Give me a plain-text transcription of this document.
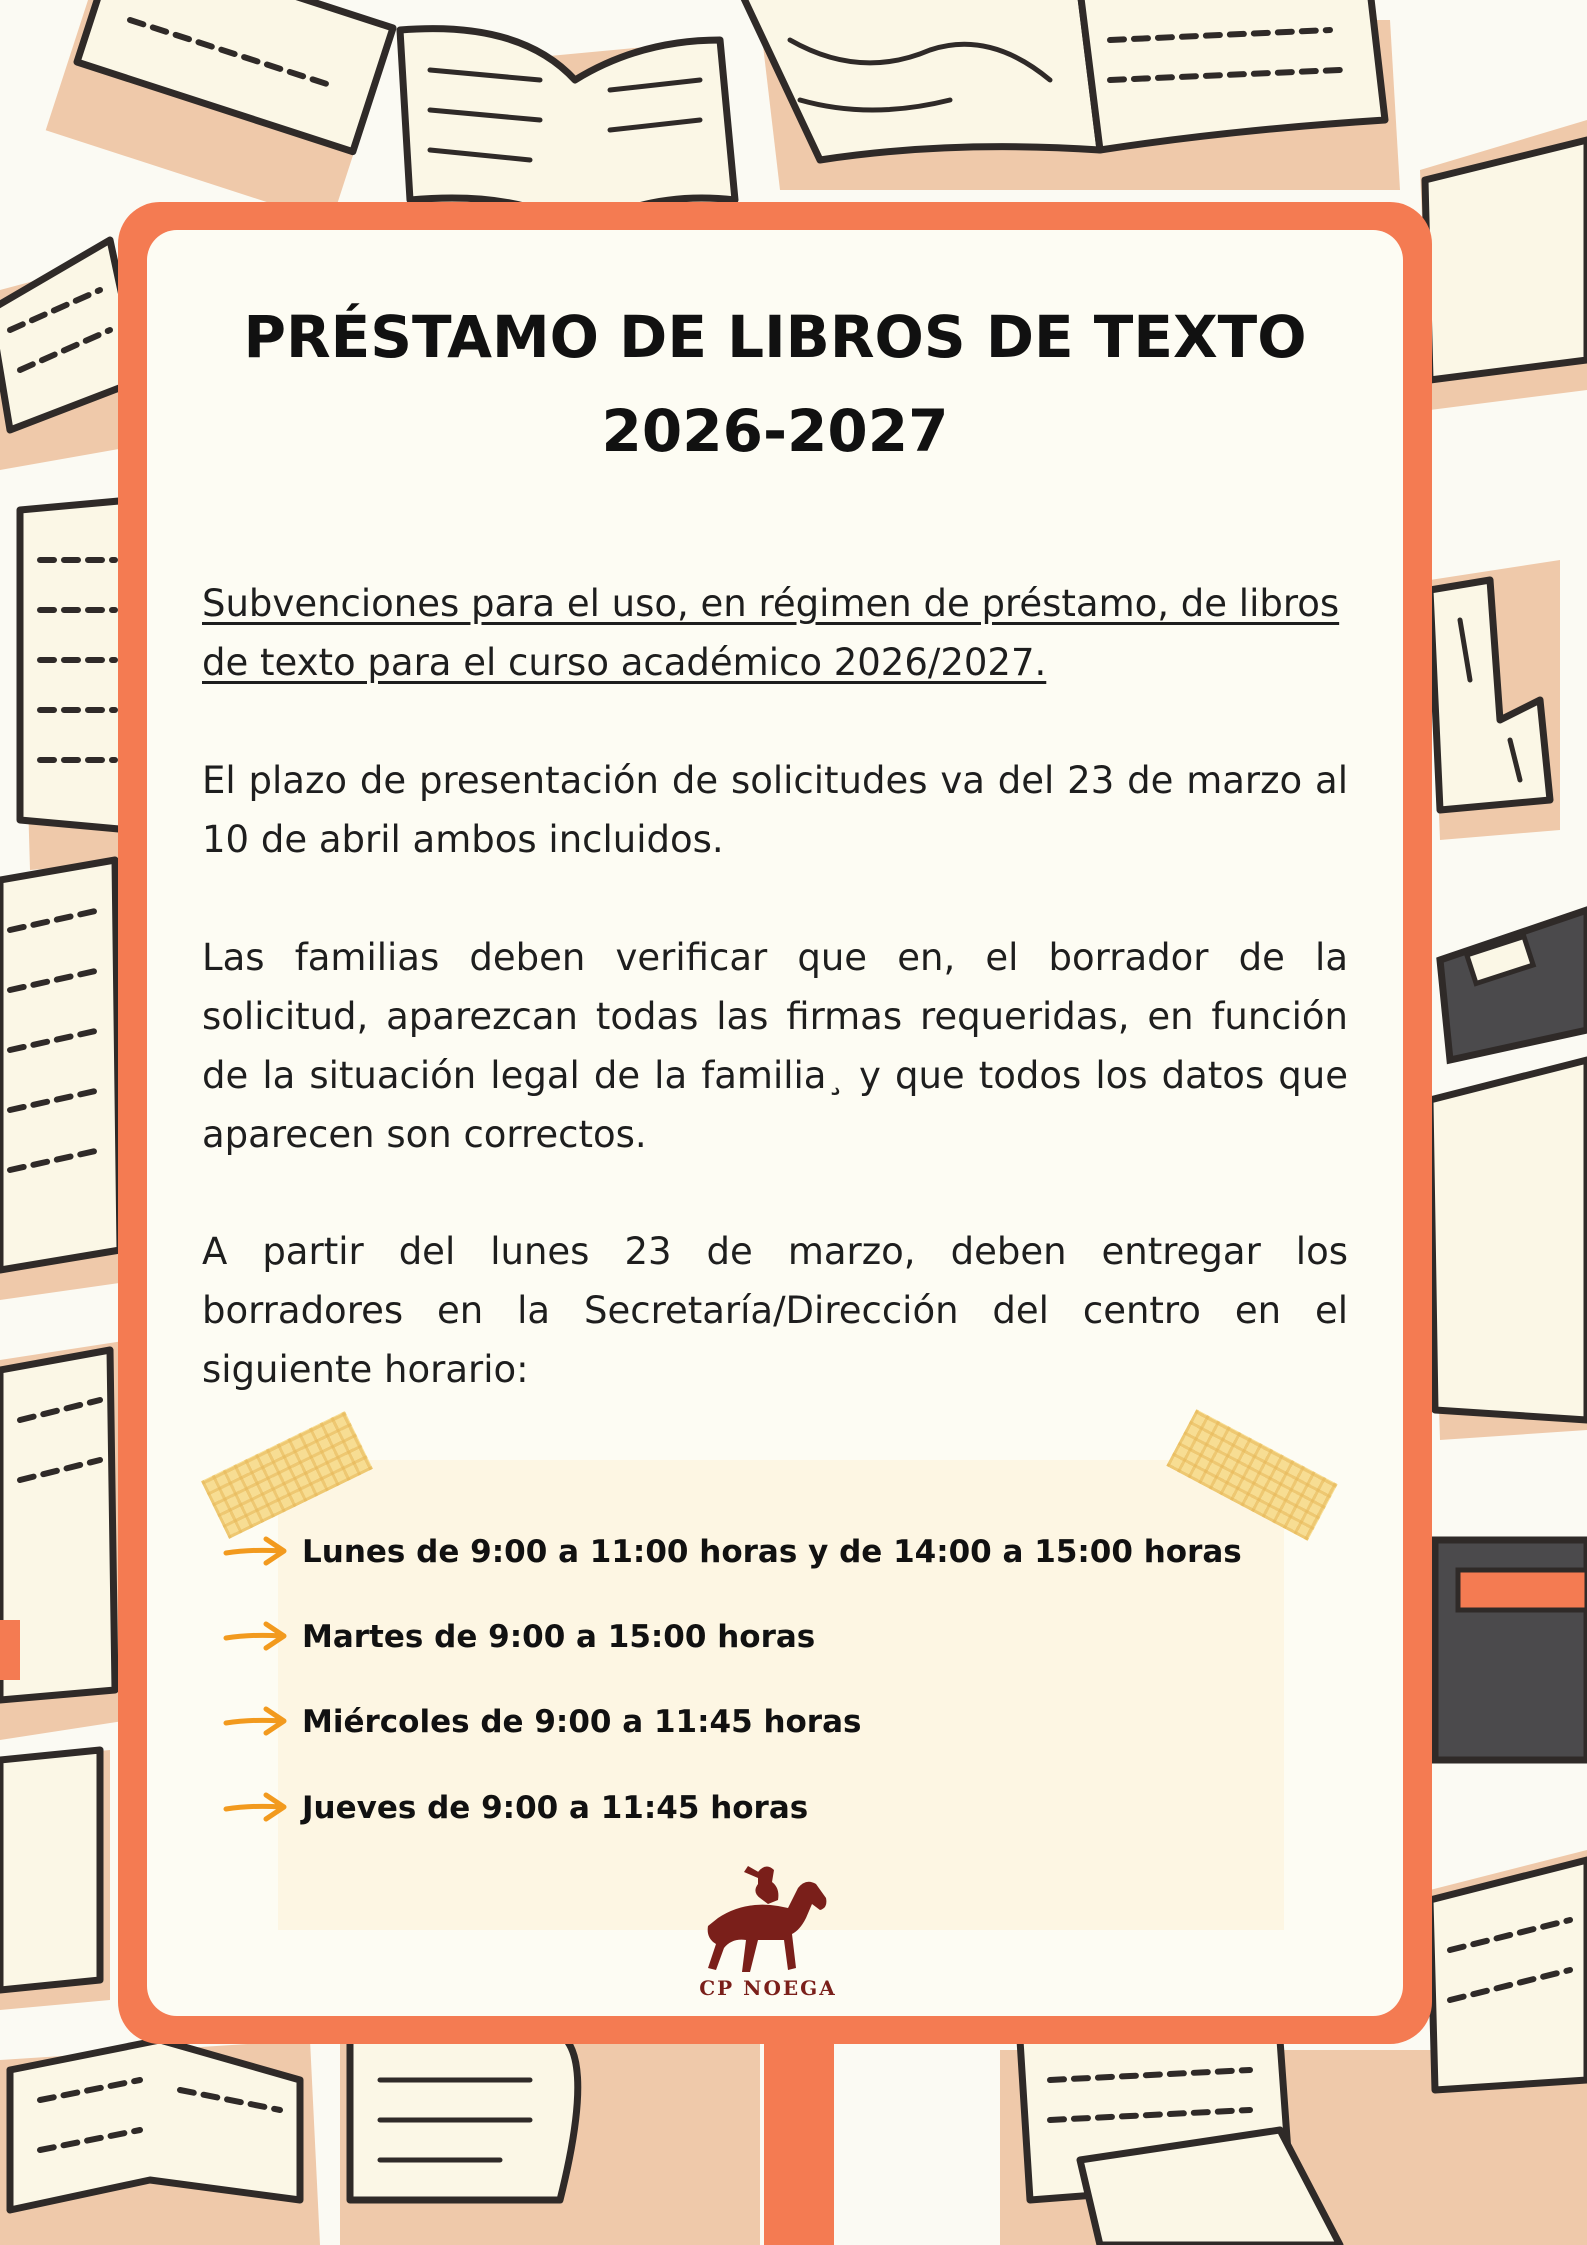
PRÉSTAMO DE LIBROS DE TEXTO
2026-2027

Subvenciones para el uso, en régimen de préstamo, de libros de texto para el curso académico 2026/2027.

El plazo de presentación de solicitudes va del 23 de marzo al 10 de abril ambos incluidos.

Las familias deben verificar que en, el borrador de la solicitud, aparezcan todas las firmas requeridas, en función de la situación legal de la familia¸ y que todos los datos que aparecen son correctos.

A partir del lunes 23 de marzo, deben entregar los borradores en la Secretaría/Dirección del centro en el siguiente horario:

Lunes de 9:00 a 11:00 horas y de 14:00 a 15:00 horas
Martes de 9:00 a 15:00 horas
Miércoles de 9:00 a 11:45 horas
Jueves de 9:00 a 11:45 horas
CP NOEGA
